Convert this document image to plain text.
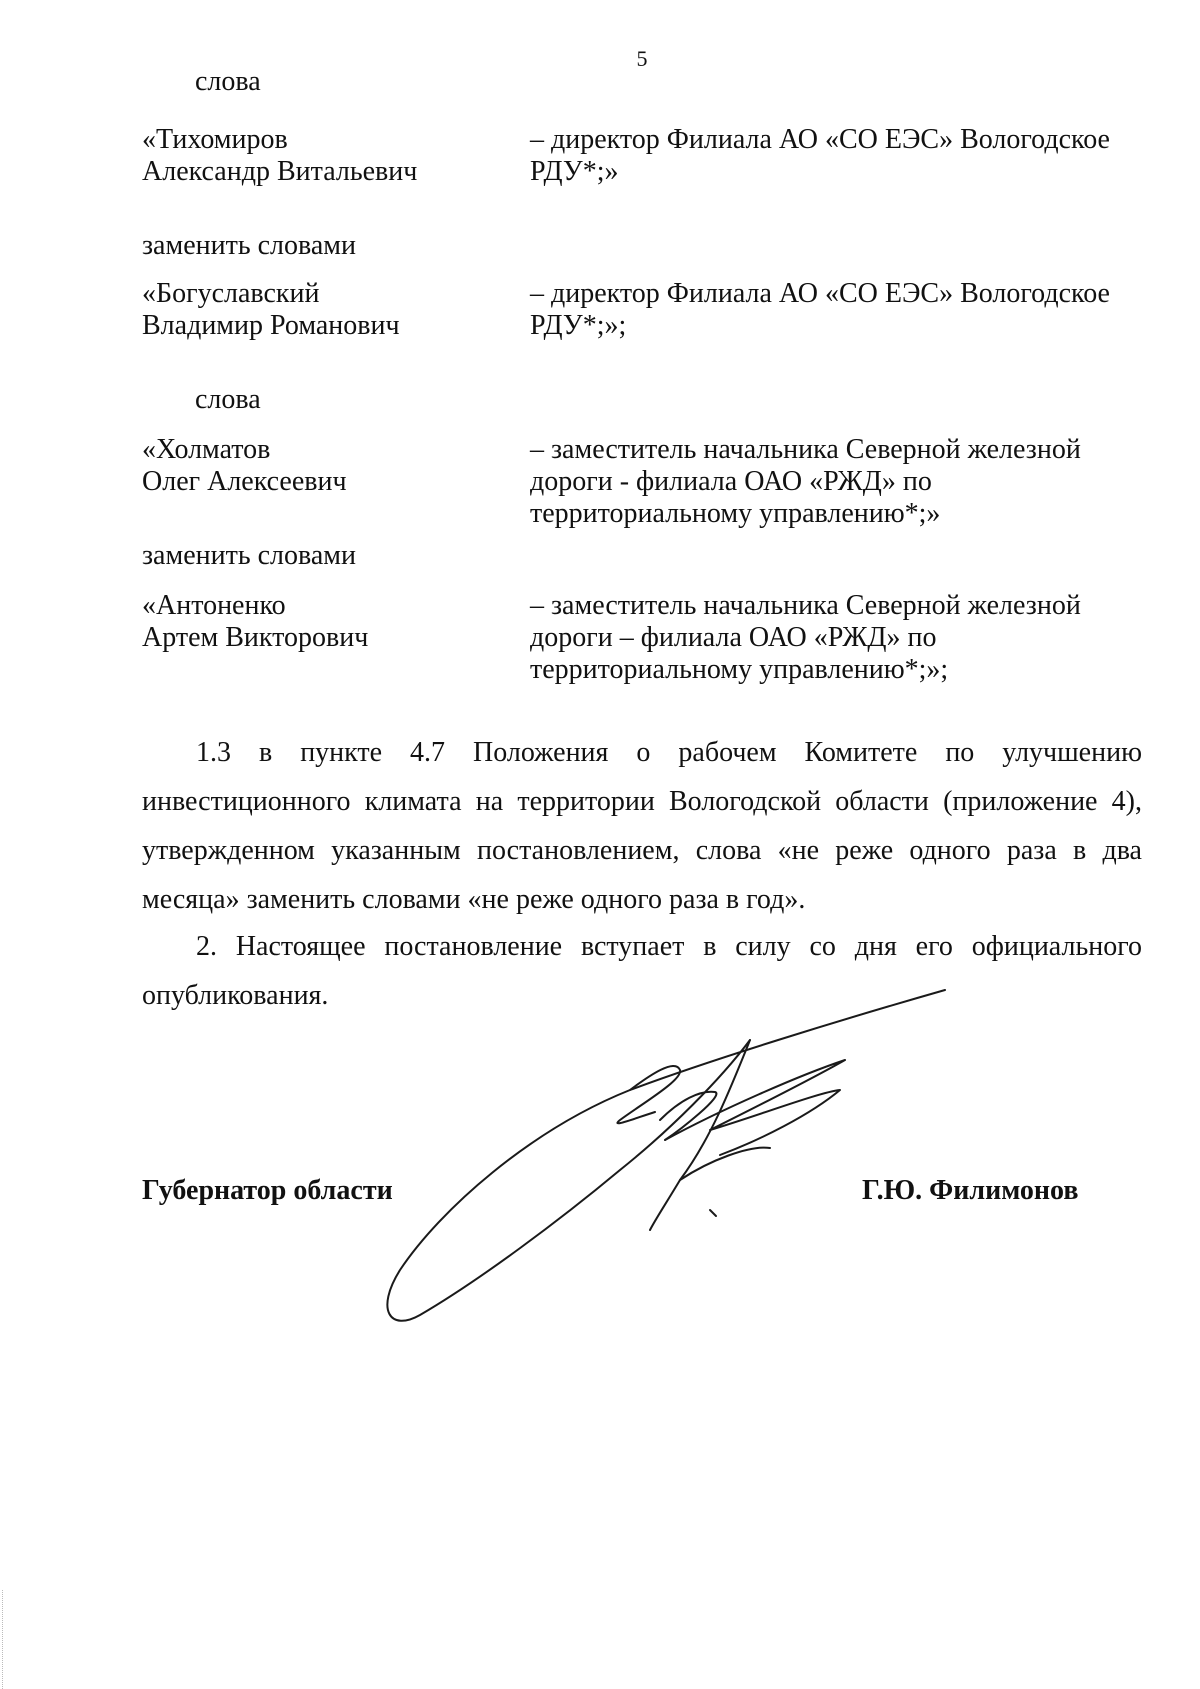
5
слова
«Тихомиров
Александр Витальевич
– директор Филиала АО «СО ЕЭС» Вологодское
РДУ*;»
заменить словами
«Богуславский
Владимир Романович
– директор Филиала АО «СО ЕЭС» Вологодское
РДУ*;»;
слова
«Холматов
Олег Алексеевич
– заместитель начальника Северной железной
дороги - филиала ОАО «РЖД» по
территориальному управлению*;»
заменить словами
«Антоненко
Артем Викторович
– заместитель начальника Северной железной
дороги – филиала ОАО «РЖД» по
территориальному управлению*;»;
1.3 в пункте 4.7 Положения о рабочем Комитете по улучшению инвестиционного климата на территории Вологодской области (приложение 4), утвержденном указанным постановлением, слова «не реже одного раза в два месяца» заменить словами «не реже одного раза в год».
2. Настоящее постановление вступает в силу со дня его официального опубликования.
Губернатор области	Г.Ю. Филимонов
